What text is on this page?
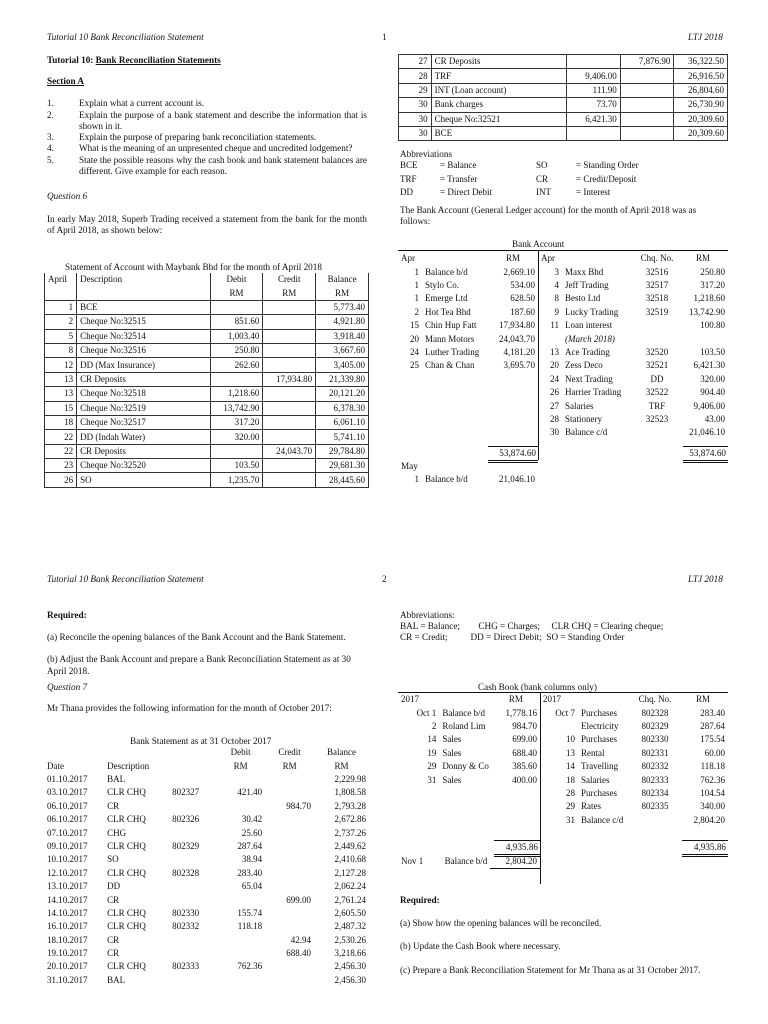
Tutorial 10 Bank Reconciliation Statement	1	LTJ 2018

Tutorial 10: Bank Reconciliation Statements

Section A

1.	Explain what a current account is.
2.	Explain the purpose of a bank statement and describe the information that is shown in it.
3.	Explain the purpose of preparing bank reconciliation statements.
4.	What is the meaning of an unpresented cheque and uncredited lodgement?
5.	State the possible reasons why the cash book and bank statement balances are different. Give example for each reason.

Question 6

In early May 2018, Superb Trading received a statement from the bank for the month of April 2018, as shown below:

Statement of Account with Maybank Bhd for the month of April 2018
April	Description	Debit	Credit	Balance
		RM	RM	RM
1	BCE			5,773.40
2	Cheque No:32515	851.60		4,921.80
5	Cheque No:32514	1,003.40		3,918.40
8	Cheque No:32516	250.80		3,667.60
12	DD (Max Insurance)	262.60		3,405.00
13	CR Deposits		17,934.80	21,339.80
13	Cheque No:32518	1,218.60		20,121.20
15	Cheque No:32519	13,742.90		6,378.30
18	Cheque No:32517	317.20		6,061.10
22	DD (Indah Water)	320.00		5,741.10
22	CR Deposits		24,043.70	29,784.80
23	Cheque No:32520	103.50		29,681.30
26	SO	1,235.70		28,445.60
27	CR Deposits		7,876.90	36,322.50
28	TRF	9,406.00		26,916.50
29	INT (Loan account)	111.90		26,804.60
30	Bank charges	73.70		26,730.90
30	Cheque No:32521	6,421.30		20,309.60
30	BCE			20,309.60
Abbreviations
BCE	= Balance	SO	= Standing Order
TRF	= Transfer	CR	= Credit/Deposit
DD	= Direct Debit	INT	= Interest

The Bank Account (General Ledger account) for the month of April 2018 was as follows:

Bank Account
Apr		RM
1	Balance b/d	2,669.10
1	Stylo Co.	534.00
1	Emerge Ltd	628.50
2	Hot Tea Bhd	187.60
15	Chin Hup Fatt	17,934.80
20	Mann Motors	24,043.70
24	Luther Trading	4,181.20
25	Chan & Chan	3,695.70
Apr		Chq. No.	RM
3	Maxx Bhd	32516	250.80
4	Jeff Trading	32517	317.20
8	Besto Ltd	32518	1,218.60
9	Lucky Trading	32519	13,742.90
11	Loan interest		100.80
	(March 2018)		
13	Ace Trading	32520	103.50
20	Zess Deco	32521	6,421.30
24	Next Trading	DD	320.00
26	Harrier Trading	32522	904.40
27	Salaries	TRF	9,406.00
28	Stationery	32523	43.00
30	Balance c/d		21,046.10
53,874.60	53,874.60
May
1	Balance b/d	21,046.10
Tutorial 10 Bank Reconciliation Statement	2	LTJ 2018

Required:

(a) Reconcile the opening balances of the Bank Account and the Bank Statement.

(b) Adjust the Bank Account and prepare a Bank Reconciliation Statement as at 30 April 2018.

Question 7

Mr Thana provides the following information for the month of October 2017:

Bank Statement as at 31 October 2017
			Debit	Credit	Balance
Date	Description		RM	RM	RM
01.10.2017	BAL				2,229.98
03.10.2017	CLR CHQ	802327	421.40		1,808.58
06.10.2017	CR			984.70	2,793.28
06.10.2017	CLR CHQ	802326	30.42		2,672.86
07.10.2017	CHG		25.60		2,737.26
09.10.2017	CLR CHQ	802329	287.64		2,449.62
10.10.2017	SO		38.94		2,410.68
12.10.2017	CLR CHQ	802328	283.40		2,127.28
13.10.2017	DD		65.04		2,062.24
14.10.2017	CR			699.00	2,761.24
14.10.2017	CLR CHQ	802330	155.74		2,605.50
16.10.2017	CLR CHQ	802332	118.18		2,487.32
18.10.2017	CR			42.94	2,530.26
19.10.2017	CR			688.40	3,218.66
20.10.2017	CLR CHQ	802333	762.36		2,456.30
31.10.2017	BAL				2,456.30
Abbreviations:
BAL = Balance;        CHG = Charges;     CLR CHQ = Clearing cheque;
CR = Credit;          DD = Direct Debit;  SO = Standing Order
Cash Book (bank columns only)
2017		RM
Oct 1	Balance b/d	1,778.16
2	Roland Lim	984.70
14	Sales	699.00
19	Sales	688.40
29	Donny & Co	385.60
31	Sales	400.00
2017		Chq. No.	RM
Oct 7	Purchases	802328	283.40
	Electricity	802329	287.64
10	Purchases	802330	175.54
13	Rental	802331	60.00
14	Travelling	802332	118.18
18	Salaries	802333	762.36
28	Purchases	802334	104.54
29	Rates	802335	340.00
31	Balance c/d		2,804.20
4,935.86	4,935.86
Nov 1	Balance b/d	2,804.20

Required:

(a) Show how the opening balances will be reconciled.

(b) Update the Cash Book where necessary.

(c) Prepare a Bank Reconciliation Statement for Mr Thana as at 31 October 2017.
